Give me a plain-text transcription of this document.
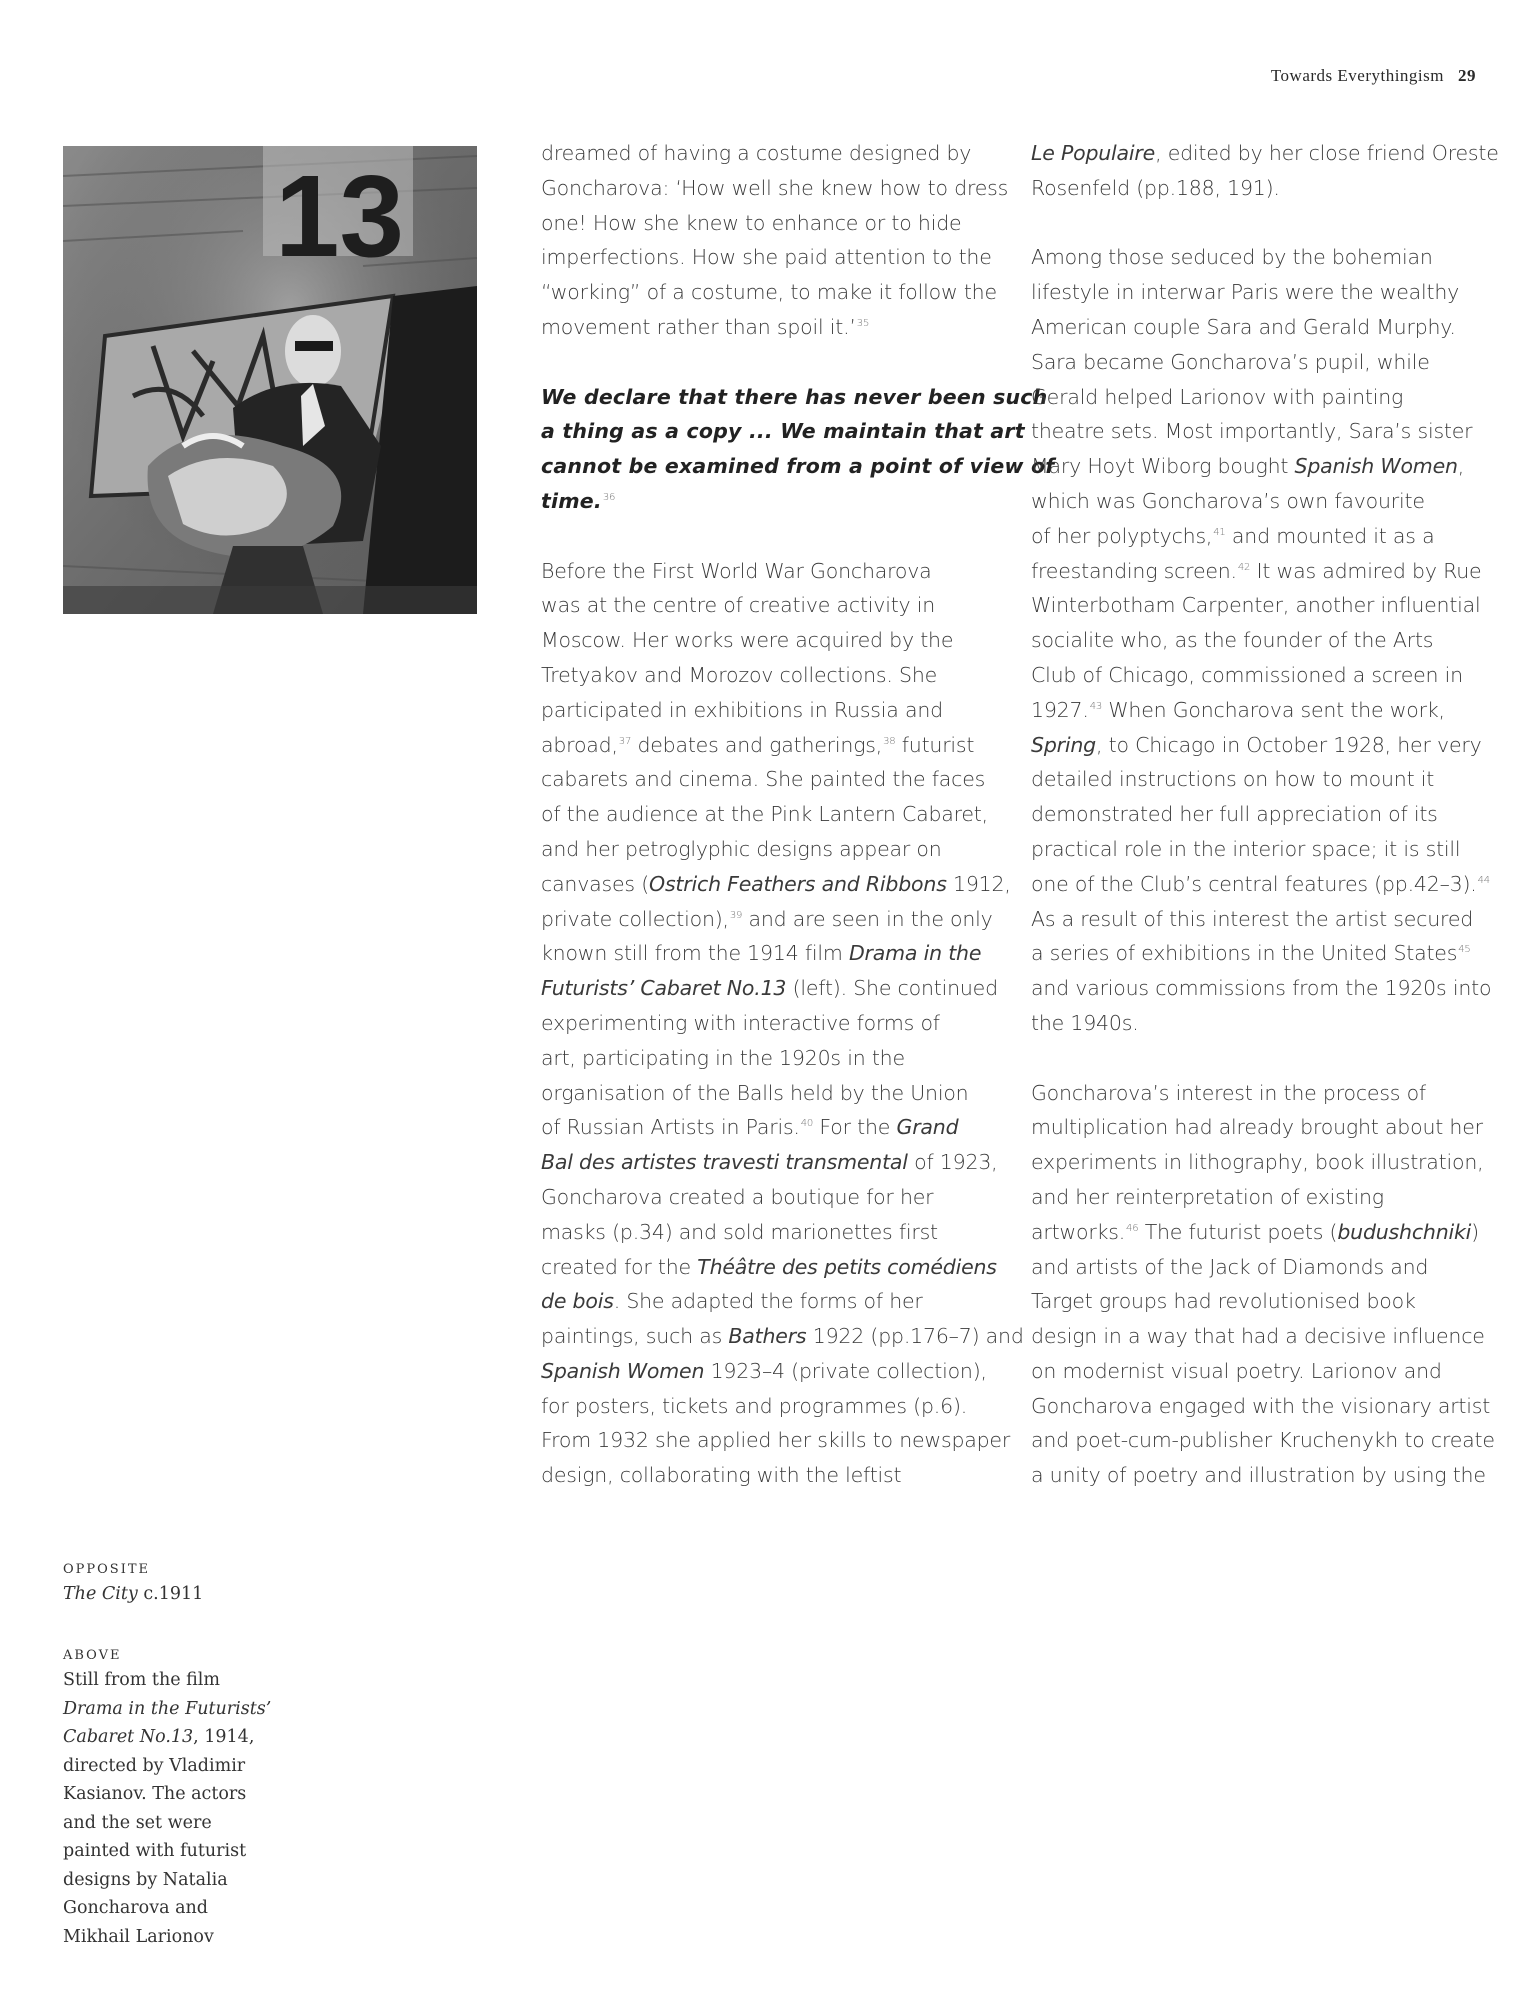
Towards Everythingism 29
13	dreamed of having a costume designed by

Goncharova: ‘How well she knew how to dress

one! How she knew to enhance or to hide

imperfections. How she paid attention to the

“working” of a costume, to make it follow the

movement rather than spoil it.’$^{35}$

We declare that there has never been such

a thing as a copy ... We maintain that art

cannot be examined from a point of view of

time.$^{36}$

Before the First World War Goncharova

was at the centre of creative activity in

Moscow. Her works were acquired by the

Tretyakov and Morozov collections. She

participated in exhibitions in Russia and

abroad,$^{37}$ debates and gatherings,$^{38}$ futurist

cabarets and cinema. She painted the faces

of the audience at the Pink Lantern Cabaret,

and her petroglyphic designs appear on

canvases (Ostrich Feathers and Ribbons 1912,

private collection),$^{39}$ and are seen in the only

known still from the 1914 film Drama in the

Futurists’ Cabaret No.13 (left). She continued

experimenting with interactive forms of

art, participating in the 1920s in the

organisation of the Balls held by the Union

of Russian Artists in Paris.$^{40}$ For the Grand

Bal des artistes travesti transmental of 1923,

Goncharova created a boutique for her

masks (p.34) and sold marionettes first

created for the Théâtre des petits comédiens

de bois. She adapted the forms of her

paintings, such as Bathers 1922 (pp.176–7) and

Spanish Women 1923–4 (private collection),

for posters, tickets and programmes (p.6).

From 1932 she applied her skills to newspaper

design, collaborating with the leftist

Le Populaire, edited by her close friend Oreste

Rosenfeld (pp.188, 191).

Among those seduced by the bohemian

lifestyle in interwar Paris were the wealthy

American couple Sara and Gerald Murphy.

Sara became Goncharova’s pupil, while

Gerald helped Larionov with painting

theatre sets. Most importantly, Sara’s sister

Mary Hoyt Wiborg bought Spanish Women,

which was Goncharova’s own favourite

of her polyptychs,$^{41}$ and mounted it as a

freestanding screen.$^{42}$ It was admired by Rue

Winterbotham Carpenter, another influential

socialite who, as the founder of the Arts

Club of Chicago, commissioned a screen in

1927.43 When Goncharova sent the work,

Spring, to Chicago in October 1928, her very

detailed instructions on how to mount it

demonstrated her full appreciation of its

practical role in the interior space; it is still

one of the Club’s central features (pp.42–3).$^{44}$

As a result of this interest the artist secured

a series of exhibitions in the United States$^{45}$

and various commissions from the 1920s into

the 1940s.

Goncharova’s interest in the process of

multiplication had already brought about her

experiments in lithography, book illustration,

and her reinterpretation of existing

artworks.$^{46}$ The futurist poets (budushchniki)

and artists of the Jack of Diamonds and

Target groups had revolutionised book

design in a way that had a decisive influence

on modernist visual poetry. Larionov and

Goncharova engaged with the visionary artist

and poet-cum-publisher Kruchenykh to create

a unity of poetry and illustration by using the

OPPOSITE
The City c.1911
ABOVE
Still from the film
Drama in the Futurists’
Cabaret No.13, 1914,
directed by Vladimir
Kasianov. The actors
and the set were
painted with futurist
designs by Natalia
Goncharova and
Mikhail Larionov
